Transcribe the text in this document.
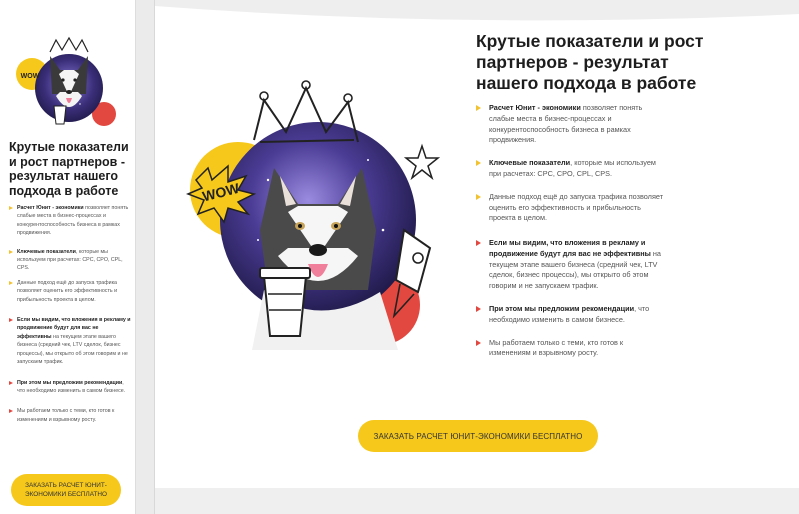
WOW
Крутые показатели и рост партнеров - результат нашего подхода в работе
Расчет Юнит - экономики позволяет понять слабые места в бизнес-процессах и конкурентоспособность бизнеса в рамках продвижения.
Ключевые показатели, которые мы используем при расчетах: CPC, CPO, CPL, CPS.
Данные подход ещё до запуска трафика позволяет оценить его эффективность и прибыльность проекта в целом.
Если мы видим, что вложения в рекламу и продвижение будут для вас не эффективны на текущем этапе вашего бизнеса (средний чек, LTV сделок, бизнес процессы), мы открыто об этом говорим и не запускаем трафик.
При этом мы предложим рекомендации, что необходимо изменить в самом бизнесе.
Мы работаем только с теми, кто готов к изменениям и взрывному росту.
ЗАКАЗАТЬ РАСЧЕТ ЮНИТ-ЭКОНОМИКИ БЕСПЛАТНО
WOW
Крутые показатели и рост партнеров - результат нашего подхода в работе
Расчет Юнит - экономики позволяет понять слабые места в бизнес-процессах и конкурентоспособность бизнеса в рамках продвижения.
Ключевые показатели, которые мы используем при расчетах: CPC, CPO, CPL, CPS.
Данные подход ещё до запуска трафика позволяет оценить его эффективность и прибыльность проекта в целом.
Если мы видим, что вложения в рекламу и продвижение будут для вас не эффективны на текущем этапе вашего бизнеса (средний чек, LTV сделок, бизнес процессы), мы открыто об этом говорим и не запускаем трафик.
При этом мы предложим рекомендации, что необходимо изменить в самом бизнесе.
Мы работаем только с теми, кто готов к изменениям и взрывному росту.
ЗАКАЗАТЬ РАСЧЕТ ЮНИТ-ЭКОНОМИКИ БЕСПЛАТНО
